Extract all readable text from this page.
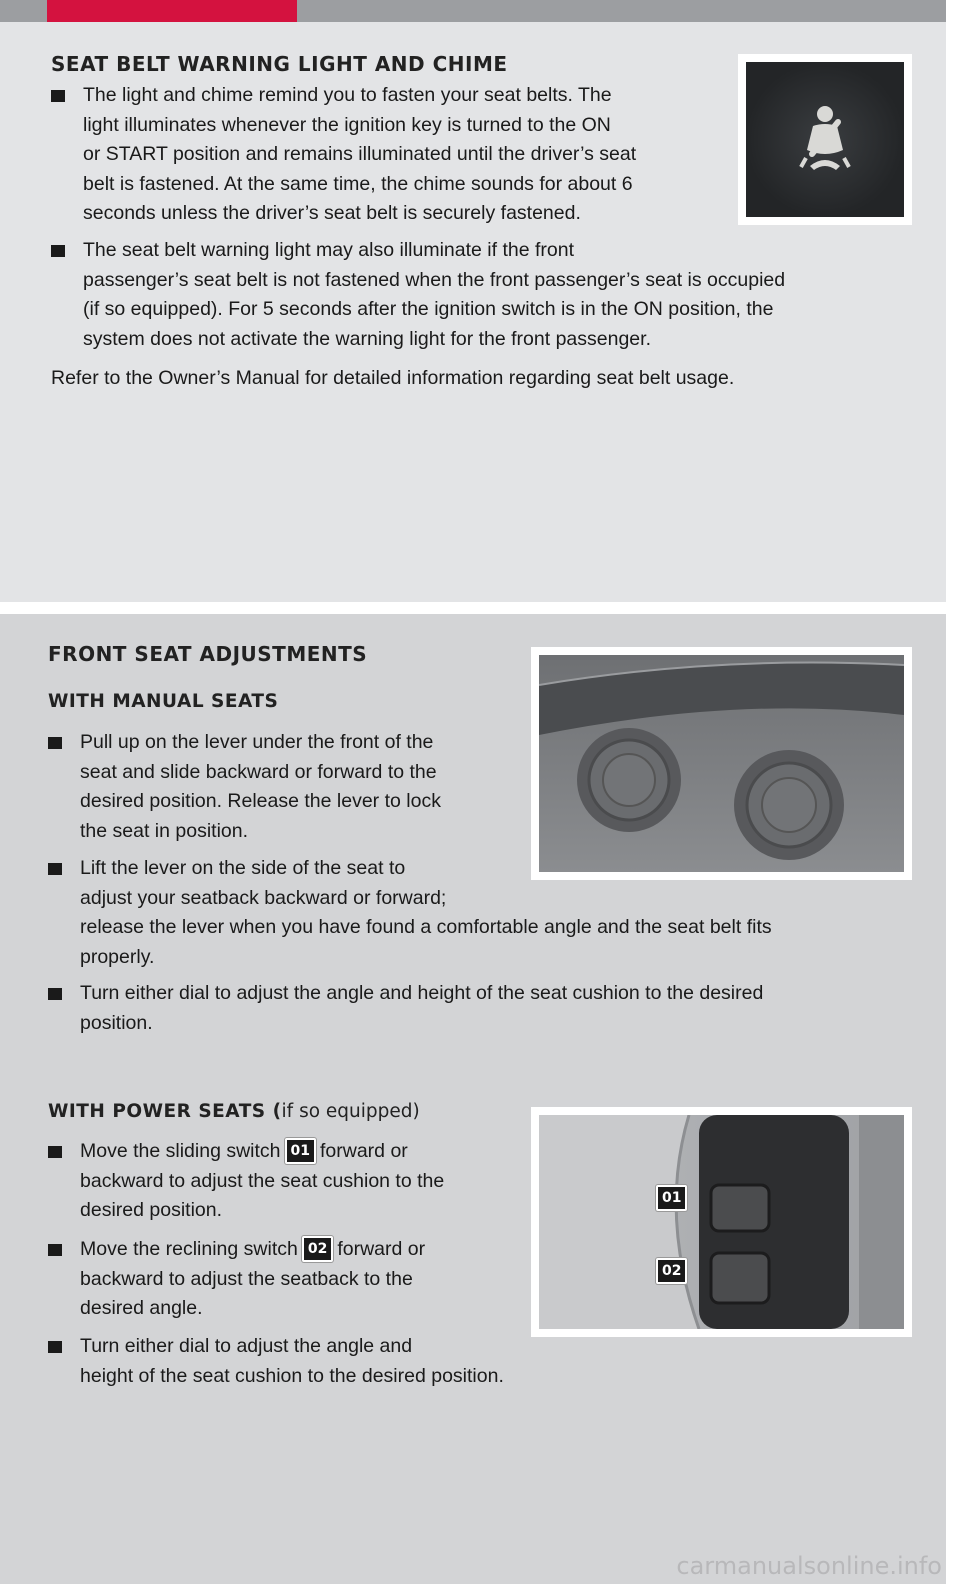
SEAT BELT WARNING LIGHT AND CHIME
The light and chime remind you to fasten your seat belts. The
light illuminates whenever the ignition key is turned to the ON
or START position and remains illuminated until the driver’s seat
belt is fastened. At the same time, the chime sounds for about 6
seconds unless the driver’s seat belt is securely fastened.
The seat belt warning light may also illuminate if the front
passenger’s seat belt is not fastened when the front passenger’s seat is occupied
(if so equipped). For 5 seconds after the ignition switch is in the ON position, the
system does not activate the warning light for the front passenger.

Refer to the Owner’s Manual for detailed information regarding seat belt usage.

FRONT SEAT ADJUSTMENTS
WITH MANUAL SEATS
Pull up on the lever under the front of the
seat and slide backward or forward to the
desired position. Release the lever to lock
the seat in position.
Lift the lever on the side of the seat to
adjust your seatback backward or forward;
release the lever when you have found a comfortable angle and the seat belt fits
properly.
Turn either dial to adjust the angle and height of the seat cushion to the desired
position.
WITH POWER SEATS (if so equipped)
Move the sliding switch 01 forward or
backward to adjust the seat cushion to the
desired position.
Move the reclining switch 02 forward or
backward to adjust the seatback to the
desired angle.
Turn either dial to adjust the angle and
height of the seat cushion to the desired position.
01
02
carmanualsonline.info
